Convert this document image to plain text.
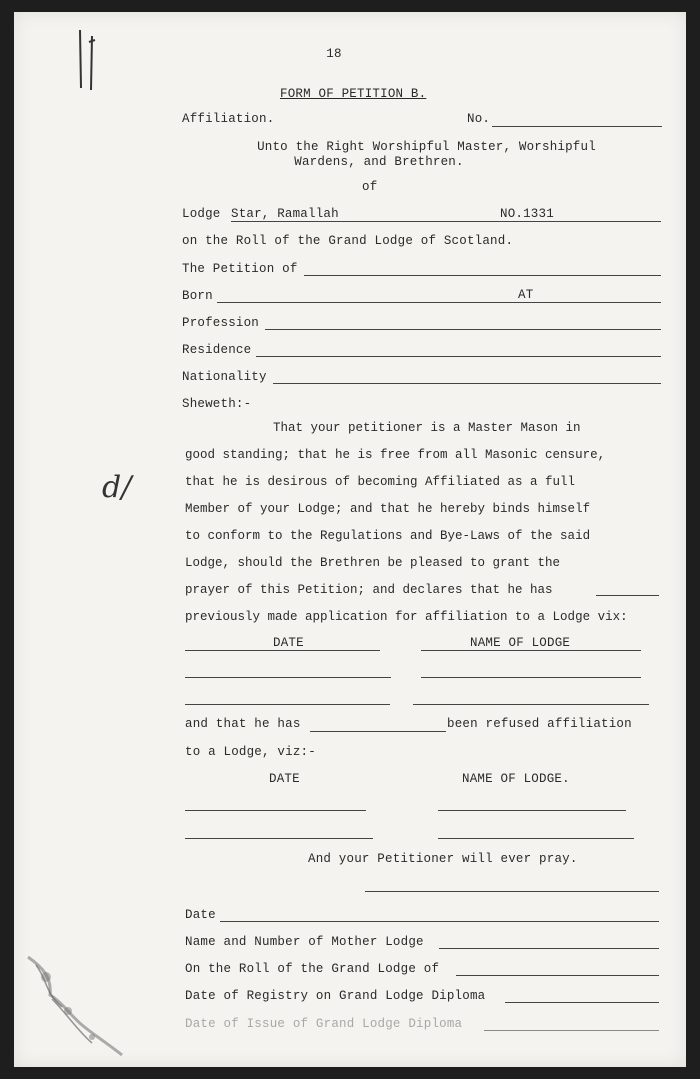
18
FORM OF PETITION B.
Affiliation.	No.
Unto the Right Worshipful Master, Worshipful
Wardens, and Brethren.
of
Lodge Star, Ramallah	NO.1331
on the Roll of the Grand Lodge of Scotland.
The Petition of
Born	AT
Profession
Residence
Nationality
Sheweth:-

That your petitioner is a Master Mason in

good standing; that he is free from all Masonic censure,

that he is desirous of becoming Affiliated as a full

Member of your Lodge; and that he hereby binds himself

to conform to the Regulations and Bye-Laws of the said

Lodge, should the Brethren be pleased to grant the

prayer of this Petition; and declares that he has

previously made application for affiliation to a Lodge vix:

d/
DATE	NAME OF LODGE
and that he has	been refused affiliation
to a Lodge, viz:-
DATE	NAME OF LODGE.
And your Petitioner will ever pray.
Date
Name and Number of Mother Lodge
On the Roll of the Grand Lodge of
Date of Registry on Grand Lodge Diploma
Date of Issue of Grand Lodge Diploma
